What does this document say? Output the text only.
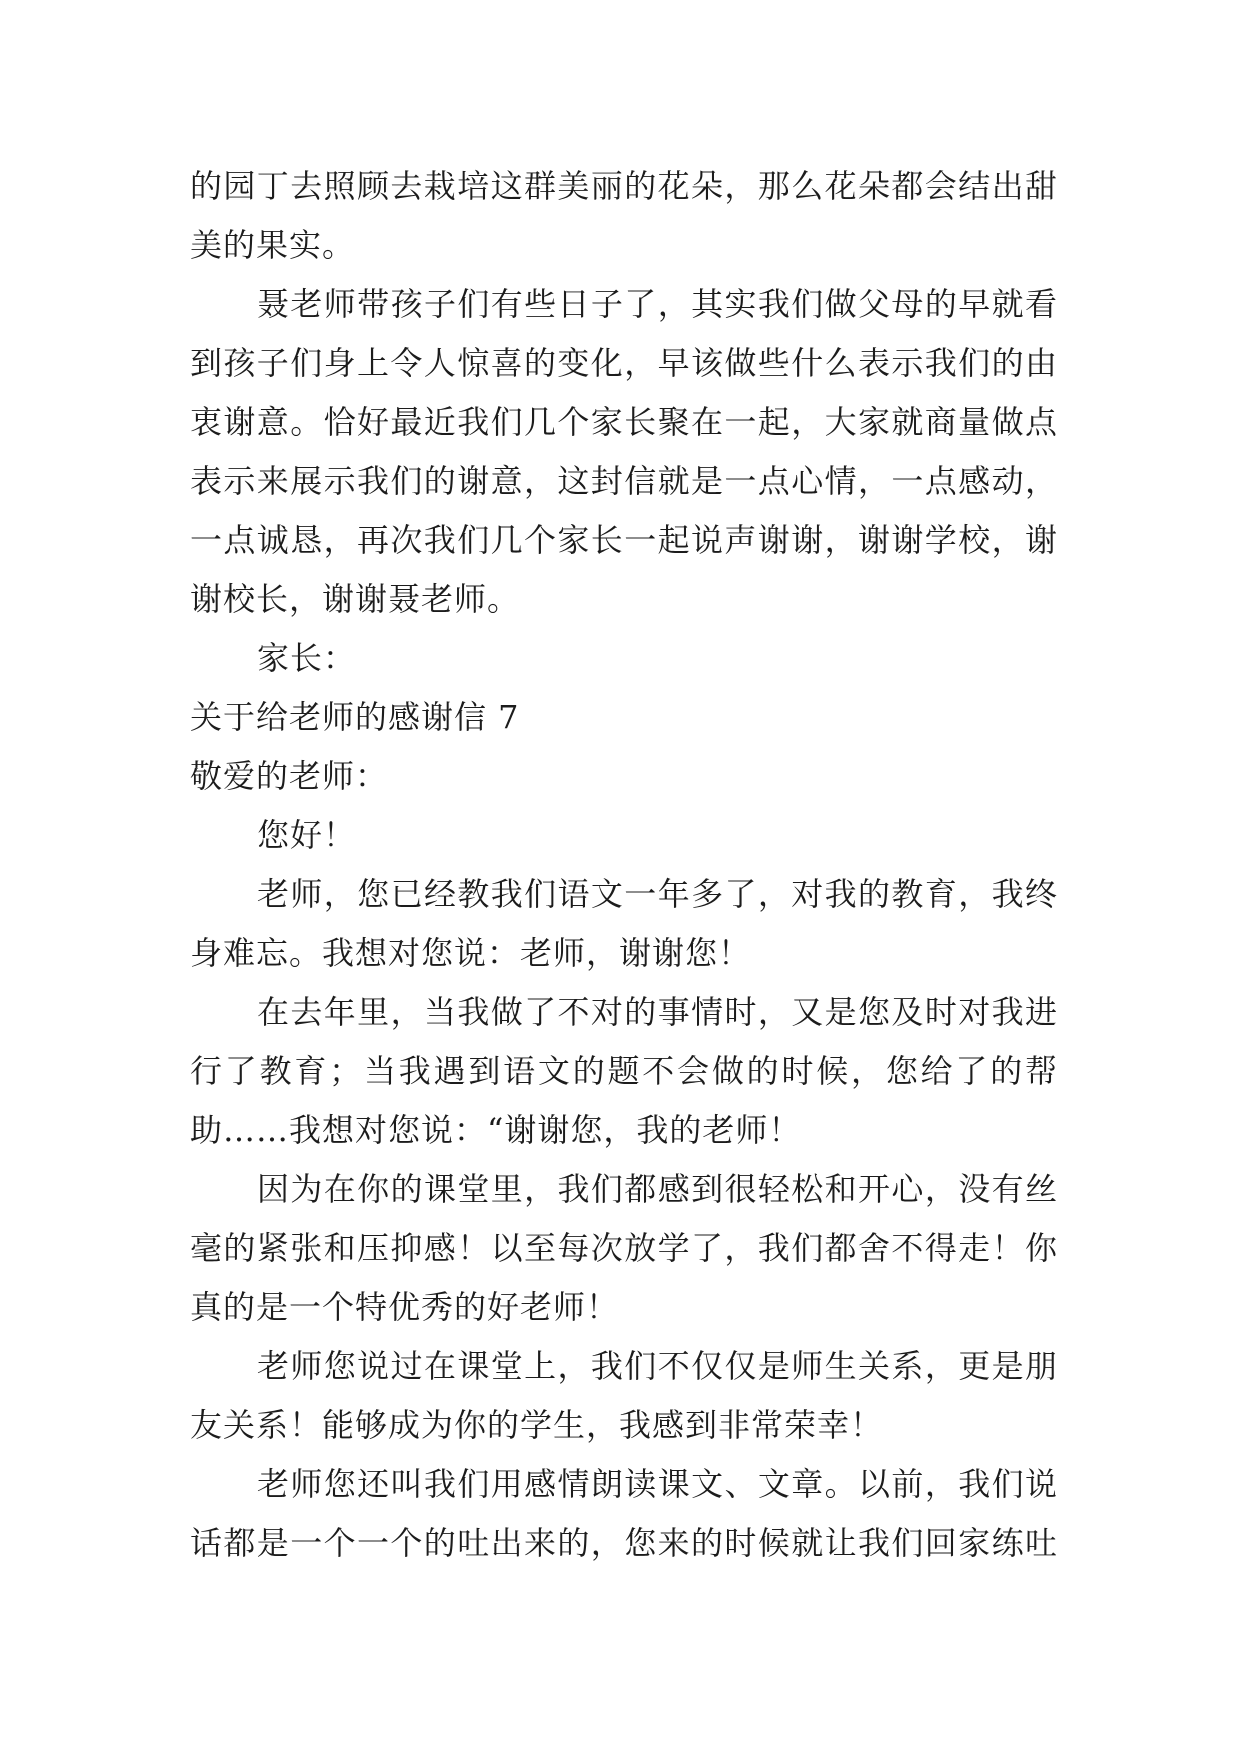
的园丁去照顾去栽培这群美丽的花朵，那么花朵都会结出甜
美的果实。
聂老师带孩子们有些日子了，其实我们做父母的早就看
到孩子们身上令人惊喜的变化，早该做些什么表示我们的由
衷谢意。恰好最近我们几个家长聚在一起，大家就商量做点
表示来展示我们的谢意，这封信就是一点心情，一点感动，
一点诚恳，再次我们几个家长一起说声谢谢，谢谢学校，谢
谢校长，谢谢聂老师。
家长：
关于给老师的感谢信 7
敬爱的老师：
您好！
老师，您已经教我们语文一年多了，对我的教育，我终
身难忘。我想对您说：老师，谢谢您！
在去年里，当我做了不对的事情时，又是您及时对我进
行了教育；当我遇到语文的题不会做的时候，您给了的帮
助……我想对您说：“谢谢您，我的老师！
因为在你的课堂里，我们都感到很轻松和开心，没有丝
毫的紧张和压抑感！以至每次放学了，我们都舍不得走！你
真的是一个特优秀的好老师！
老师您说过在课堂上，我们不仅仅是师生关系，更是朋
友关系！能够成为你的学生，我感到非常荣幸！
老师您还叫我们用感情朗读课文、文章。以前，我们说
话都是一个一个的吐出来的，您来的时候就让我们回家练吐
